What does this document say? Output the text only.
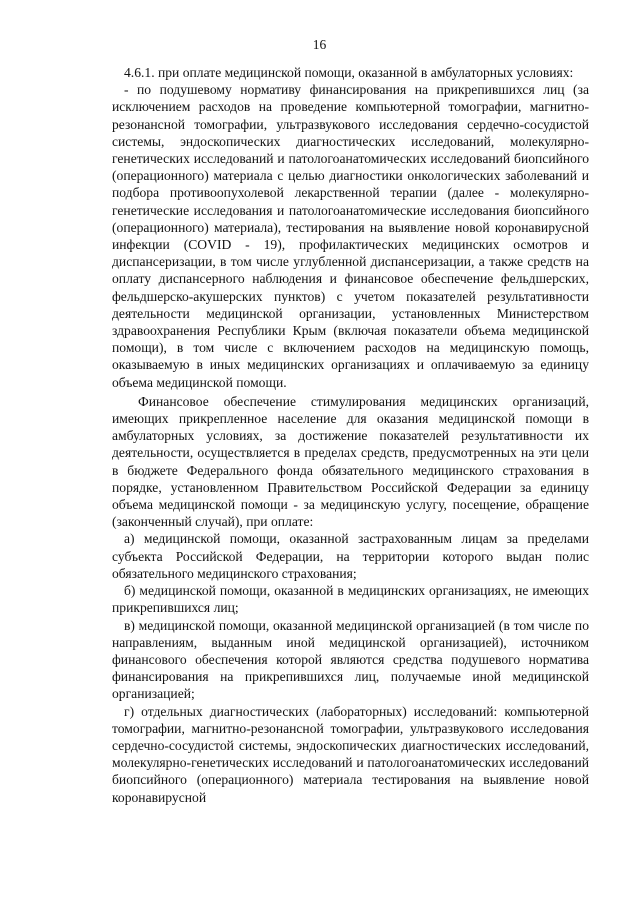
16

4.6.1. при оплате медицинской помощи, оказанной в амбулаторных условиях:

- по подушевому нормативу финансирования на прикрепившихся лиц (за исключением расходов на проведение компьютерной томографии, магнитно-резонансной томографии, ультразвукового исследования сердечно-сосудистой системы, эндоскопических диагностических исследований, молекулярно-генетических исследований и патологоанатомических исследований биопсийного (операционного) материала с целью диагностики онкологических заболеваний и подбора противоопухолевой лекарственной терапии (далее - молекулярно-генетические исследования и патологоанатомические исследования биопсийного (операционного) материала), тестирования на выявление новой коронавирусной инфекции (COVID - 19), профилактических медицинских осмотров и диспансеризации, в том числе углубленной диспансеризации, а также средств на оплату диспансерного наблюдения и финансовое обеспечение фельдшерских, фельдшерско-акушерских пунктов) с учетом показателей результативности деятельности медицинской организации, установленных Министерством здравоохранения Республики Крым (включая показатели объема медицинской помощи), в том числе с включением расходов на медицинскую помощь, оказываемую в иных медицинских организациях и оплачиваемую за единицу объема медицинской помощи.

Финансовое обеспечение стимулирования медицинских организаций, имеющих прикрепленное население для оказания медицинской помощи в амбулаторных условиях, за достижение показателей результативности их деятельности, осуществляется в пределах средств, предусмотренных на эти цели в бюджете Федерального фонда обязательного медицинского страхования в порядке, установленном Правительством Российской Федерации за единицу объема медицинской помощи - за медицинскую услугу, посещение, обращение (законченный случай), при оплате:

а) медицинской помощи, оказанной застрахованным лицам за пределами субъекта Российской Федерации, на территории которого выдан полис обязательного медицинского страхования;

б) медицинской помощи, оказанной в медицинских организациях, не имеющих прикрепившихся лиц;

в) медицинской помощи, оказанной медицинской организацией (в том числе по направлениям, выданным иной медицинской организацией), источником финансового обеспечения которой являются средства подушевого норматива финансирования на прикрепившихся лиц, получаемые иной медицинской организацией;

г) отдельных диагностических (лабораторных) исследований: компьютерной томографии, магнитно-резонансной томографии, ультразвукового исследования сердечно-сосудистой системы, эндоскопических диагностических исследований, молекулярно-генетических исследований и патологоанатомических исследований биопсийного (операционного) материала тестирования на выявление новой коронавирусной
